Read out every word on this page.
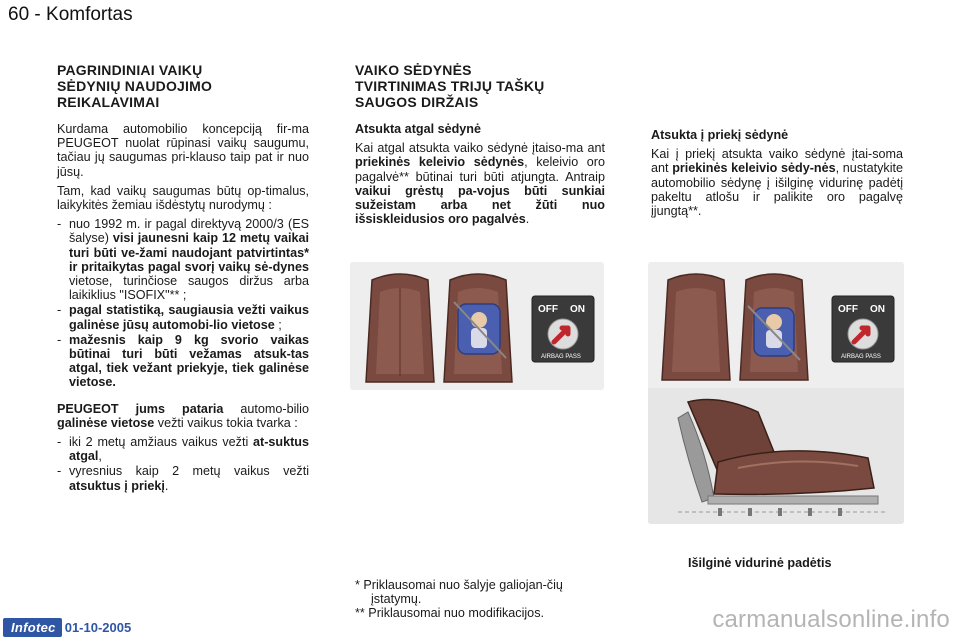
60 - Komfortas
PAGRINDINIAI VAIKŲ
SĖDYNIŲ NAUDOJIMO
REIKALAVIMAI

Kurdama automobilio koncepciją fir-ma PEUGEOT nuolat rūpinasi vaikų saugumu, tačiau jų saugumas pri-klauso taip pat ir nuo jūsų.

Tam, kad vaikų saugumas būtų op-timalus, laikykitės žemiau išdėstytų nurodymų :

- nuo 1992 m. ir pagal direktyvą 2000/3 (ES šalyse) visi jaunesni kaip 12 metų vaikai turi būti ve-žami naudojant patvirtintas* ir pritaikytas pagal svorį vaikų sė-dynes vietose, turinčiose saugos diržus arba laikiklius "ISOFIX"** ;
- pagal statistiką, saugiausia vežti vaikus galinėse jūsų automobi-lio vietose ;
- mažesnis kaip 9 kg svorio vaikas būtinai turi būti vežamas atsuk-tas atgal, tiek vežant priekyje, tiek galinėse vietose.

PEUGEOT jums pataria automo-bilio galinėse vietose vežti vaikus tokia tvarka :

- iki 2 metų amžiaus vaikus vežti at-suktus atgal,
- vyresnius kaip 2 metų vaikus vežti atsuktus į priekį.
VAIKO SĖDYNĖS
TVIRTINIMAS TRIJŲ TAŠKŲ
SAUGOS DIRŽAIS

Atsukta atgal sėdynė

Kai atgal atsukta vaiko sėdynė įtaiso-ma ant priekinės keleivio sėdynės, keleivio oro pagalvė** būtinai turi būti atjungta. Antraip vaikui grėstų pa-vojus būti sunkiai sužeistam arba net žūti nuo išsiskleidusios oro pagalvės.

Atsukta į priekį sėdynė

Kai į priekį atsukta vaiko sėdynė įtai-soma ant priekinės keleivio sėdy-nės, nustatykite automobilio sėdynę į išilginę vidurinę padėtį pakeltu atlošu ir palikite oro pagalvę įjungtą**.

OFF ON
AIRBAG PASS
OFF ON
AIRBAG PASS
Išilginė vidurinė padėtis

* Priklausomai nuo šalyje galiojan-čių įstatymų.

** Priklausomai nuo modifikacijos.

Infotec 01-10-2005	carmanualsonline.info
